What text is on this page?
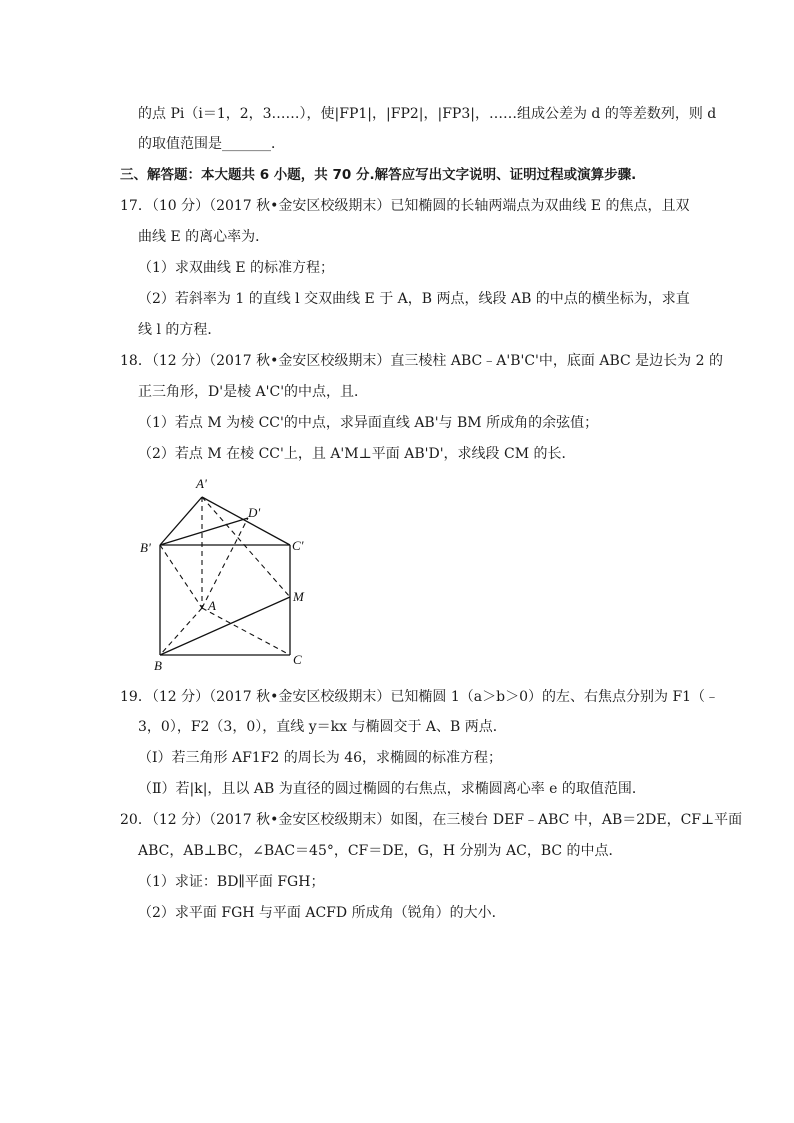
的点 Pi（i＝1，2，3……），使|FP1|，|FP2|，|FP3|，……组成公差为 d 的等差数列，则 d
的取值范围是_______．
三、解答题：本大题共 6 小题，共 70 分.解答应写出文字说明、证明过程或演算步骤.
17．（10 分）（2017 秋•金安区校级期末）已知椭圆的长轴两端点为双曲线 E 的焦点，且双
曲线 E 的离心率为．
（1）求双曲线 E 的标准方程；
（2）若斜率为 1 的直线 l 交双曲线 E 于 A，B 两点，线段 AB 的中点的横坐标为，求直
线 l 的方程．
18．（12 分）（2017 秋•金安区校级期末）直三棱柱 ABC﹣A'B'C'中，底面 ABC 是边长为 2 的
正三角形，D'是棱 A'C'的中点，且．
（1）若点 M 为棱 CC'的中点，求异面直线 AB'与 BM 所成角的余弦值；
（2）若点 M 在棱 CC'上，且 A'M⊥平面 AB'D'，求线段 CM 的长．
A'
D'
B'	C'
A
M
B	C
19．（12 分）（2017 秋•金安区校级期末）已知椭圆 1（a＞b＞0）的左、右焦点分别为 F1（﹣
3，0），F2（3，0），直线 y＝kx 与椭圆交于 A、B 两点．
（Ⅰ）若三角形 AF1F2 的周长为 46，求椭圆的标准方程；
（Ⅱ）若|k|，且以 AB 为直径的圆过椭圆的右焦点，求椭圆离心率 e 的取值范围．
20．（12 分）（2017 秋•金安区校级期末）如图，在三棱台 DEF﹣ABC 中，AB＝2DE，CF⊥平面
ABC，AB⊥BC，∠BAC＝45°，CF＝DE，G，H 分别为 AC，BC 的中点．
（1）求证：BD∥平面 FGH；
（2）求平面 FGH 与平面 ACFD 所成角（锐角）的大小．
